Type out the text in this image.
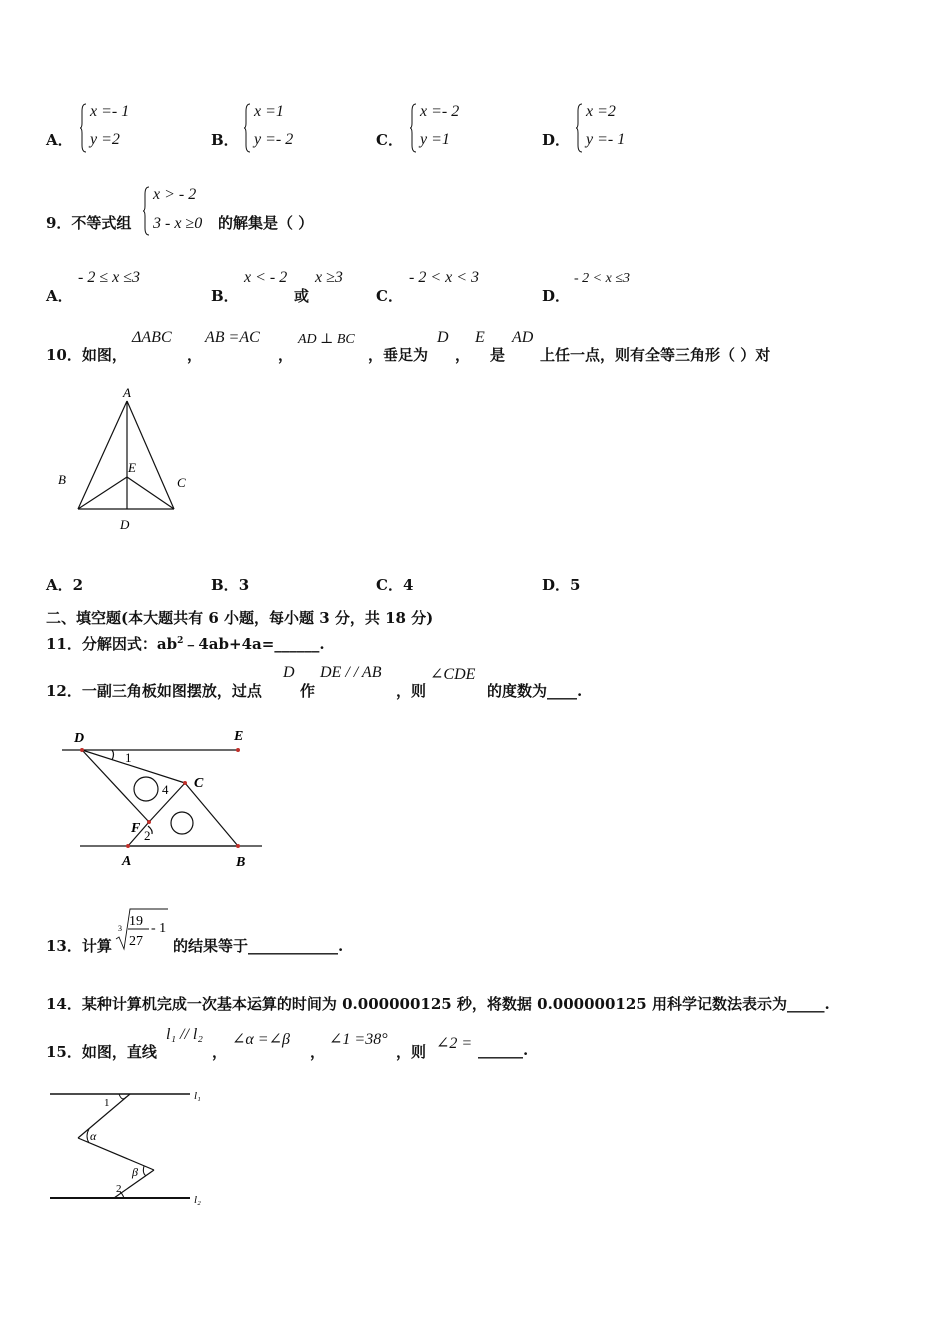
A．
x =- 1
y =2	B．
x =1
y =- 2	C．
x =- 2
y =1	D．
x =2
y =- 1
9．不等式组
x > - 2
3 - x ≥0 的解集是（ ）
A．
- 2 ≤ x ≤3
B．
x < - 2
或
x ≥3
C．
- 2 < x < 3
D．
- 2 < x ≤3
10．如图，
ΔABC
，
AB =AC
，
AD ⊥ BC
，垂足为
D
，
E
是
AD
上任一点，则有全等三角形（ ）对
A
B	C
D
E
A．2	B．3	C．4	D．5
二、填空题(本大题共有 6 小题，每小题 3 分，共 18 分)
11．分解因式：$ab^2﹣4ab+4a=\_\_\_\_\_\_$.
12．一副三角板如图摆放，过点
D
作
DE / / AB
，则
∠CDE
的度数为____.
D	E
C
F
A	B
1
4
2
13．计算
3 19
27
- 1
的结果等于____________.
14．某种计算机完成一次基本运算的时间为 0.000000125 秒，将数据 0.000000125 用科学记数法表示为_____.
15．如图，直线
l₁ // l₂
，
∠α =∠β
，
∠1 =38°
，则 ∠2 = ______.
l₁
l₂
1
α
β
2
